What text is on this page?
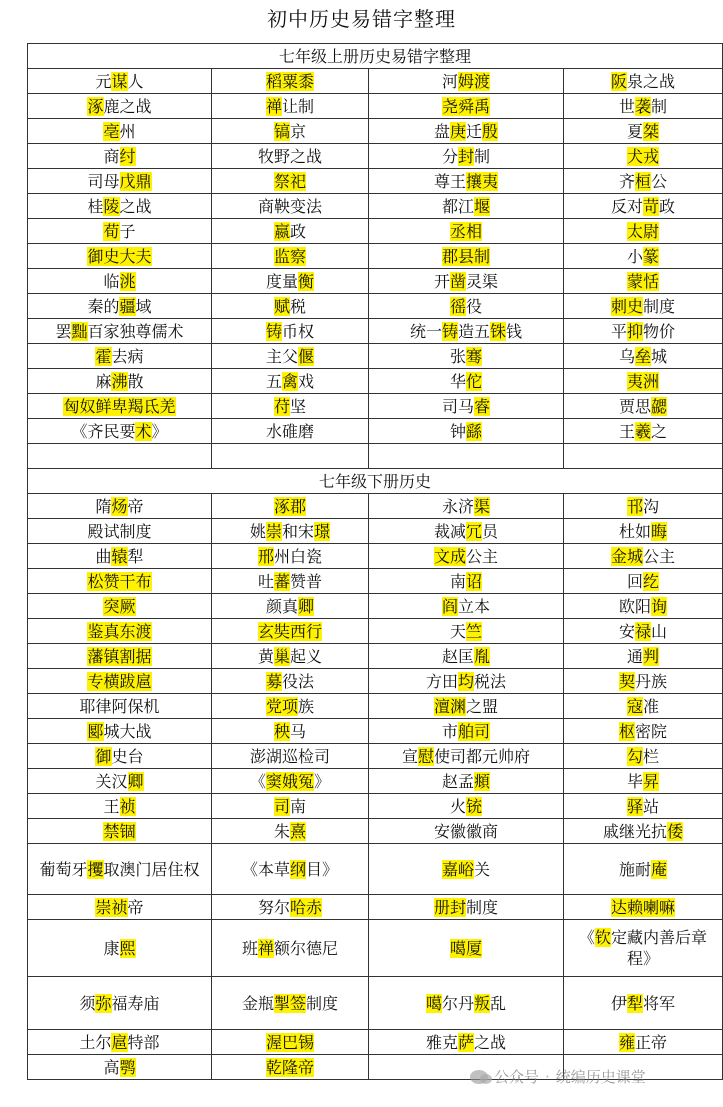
初中历史易错字整理
七年级上册历史易错字整理			
元谋人	稻粟黍	河姆渡	阪泉之战
涿鹿之战	禅让制	尧舜禹	世袭制
亳州	镐京	盘庚迁殷	夏桀
商纣	牧野之战	分封制	犬戎
司母戊鼎	祭祀	尊王攘夷	齐桓公
桂陵之战	商鞅变法	都江堰	反对苛政
荀子	嬴政	丞相	太尉
御史大夫	监察	郡县制	小篆
临洮	度量衡	开凿灵渠	蒙恬
秦的疆域	赋税	徭役	刺史制度
罢黜百家独尊儒术	铸币权	统一铸造五铢钱	平抑物价
霍去病	主父偃	张骞	乌垒城
麻沸散	五禽戏	华佗	夷洲
匈奴鲜卑羯氐羌	苻坚	司马睿	贾思勰
《齐民要术》	水碓磨	钟繇	王羲之

七年级下册历史			
隋炀帝	涿郡	永济渠	邗沟
殿试制度	姚崇和宋璟	裁减冗员	杜如晦
曲辕犁	邢州白瓷	文成公主	金城公主
松赞干布	吐蕃赞普	南诏	回纥
突厥	颜真卿	阎立本	欧阳询
鉴真东渡	玄奘西行	天竺	安禄山
藩镇割据	黄巢起义	赵匡胤	通判
专横跋扈	募役法	方田均税法	契丹族
耶律阿保机	党项族	澶渊之盟	寇准
郾城大战	秧马	市舶司	枢密院
御史台	澎湖巡检司	宣慰使司都元帅府	勾栏
关汉卿	《窦娥冤》	赵孟頫	毕昇
王祯	司南	火铳	驿站
禁锢	朱熹	安徽徽商	戚继光抗倭
葡萄牙攫取澳门居住权	《本草纲目》	嘉峪关	施耐庵
崇祯帝	努尔哈赤	册封制度	达赖喇嘛
康熙	班禅额尔德尼	噶厦	《钦定藏内善后章程》
须弥福寿庙	金瓶掣签制度	噶尔丹叛乱	伊犁将军
土尔扈特部	渥巴锡	雅克萨之战	雍正帝
高鹗	乾隆帝		
公众号 · 统编历史课堂
